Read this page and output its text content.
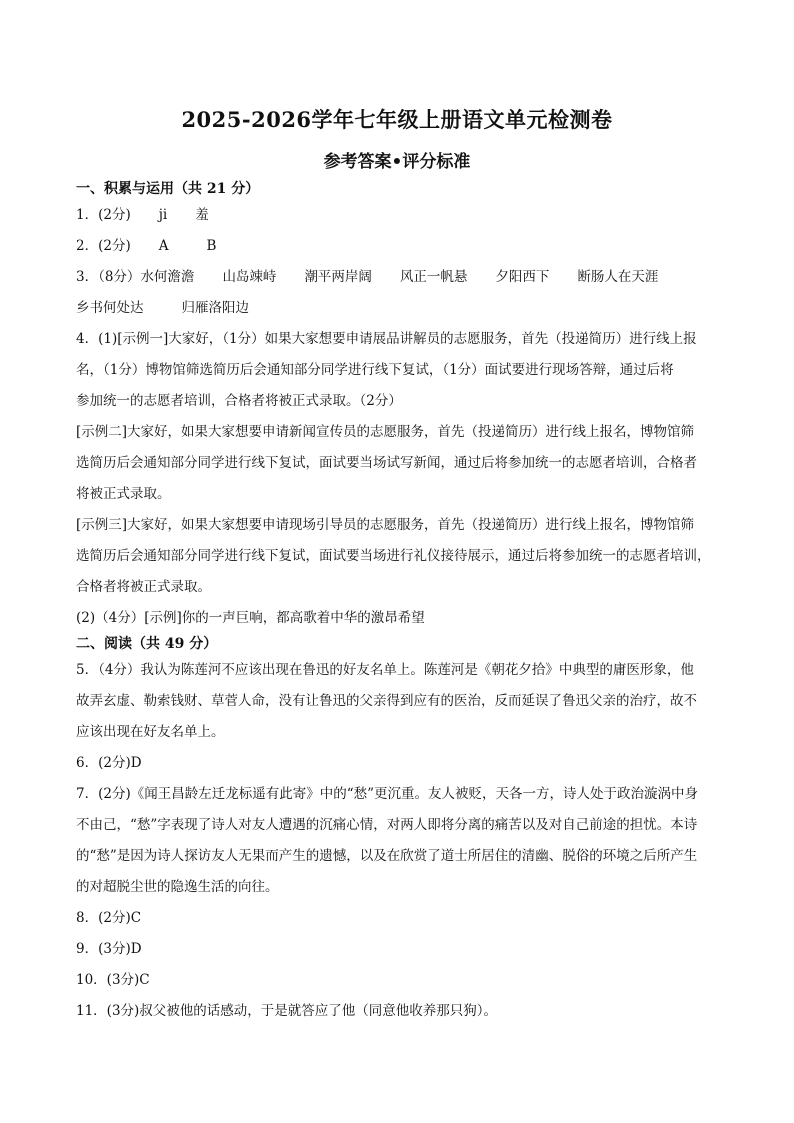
2025-2026学年七年级上册语文单元检测卷
参考答案•评分标准
一、积累与运用（共 21 分）
1．(2分) ji 羞
2．(2分) A	B
3．（8分）水何澹澹 山岛竦峙 潮平两岸阔 风正一帆悬 夕阳西下 断肠人在天涯
乡书何处达	归雁洛阳边
4．(1)[示例一]大家好，（1分）如果大家想要申请展品讲解员的志愿服务，首先（投递简历）进行线上报
名，（1分）博物馆筛选简历后会通知部分同学进行线下复试，（1分）面试要进行现场答辩，通过后将
参加统一的志愿者培训，合格者将被正式录取。（2分）
[示例二]大家好，如果大家想要申请新闻宣传员的志愿服务，首先（投递简历）进行线上报名，博物馆筛
选简历后会通知部分同学进行线下复试，面试要当场试写新闻，通过后将参加统一的志愿者培训，合格者
将被正式录取。
[示例三]大家好，如果大家想要申请现场引导员的志愿服务，首先（投递简历）进行线上报名，博物馆筛
选简历后会通知部分同学进行线下复试，面试要当场进行礼仪接待展示，通过后将参加统一的志愿者培训，
合格者将被正式录取。
(2)（4分）[示例]你的一声巨响，都高歌着中华的激昂希望
二、阅读（共 49 分）
5．（4分）我认为陈莲河不应该出现在鲁迅的好友名单上。陈莲河是《朝花夕拾》中典型的庸医形象，他
故弄玄虚、勒索钱财、草菅人命，没有让鲁迅的父亲得到应有的医治，反而延误了鲁迅父亲的治疗，故不
应该出现在好友名单上。
6．(2分)D
7．(2分)《闻王昌龄左迁龙标遥有此寄》中的“愁”更沉重。友人被贬，天各一方，诗人处于政治漩涡中身
不由己，“愁”字表现了诗人对友人遭遇的沉痛心情，对两人即将分离的痛苦以及对自己前途的担忧。本诗
的“愁”是因为诗人探访友人无果而产生的遗憾，以及在欣赏了道士所居住的清幽、脱俗的环境之后所产生
的对超脱尘世的隐逸生活的向往。
8．(2分)C
9．(3分)D
10．(3分)C
11．(3分)叔父被他的话感动，于是就答应了他（同意他收养那只狗）。
